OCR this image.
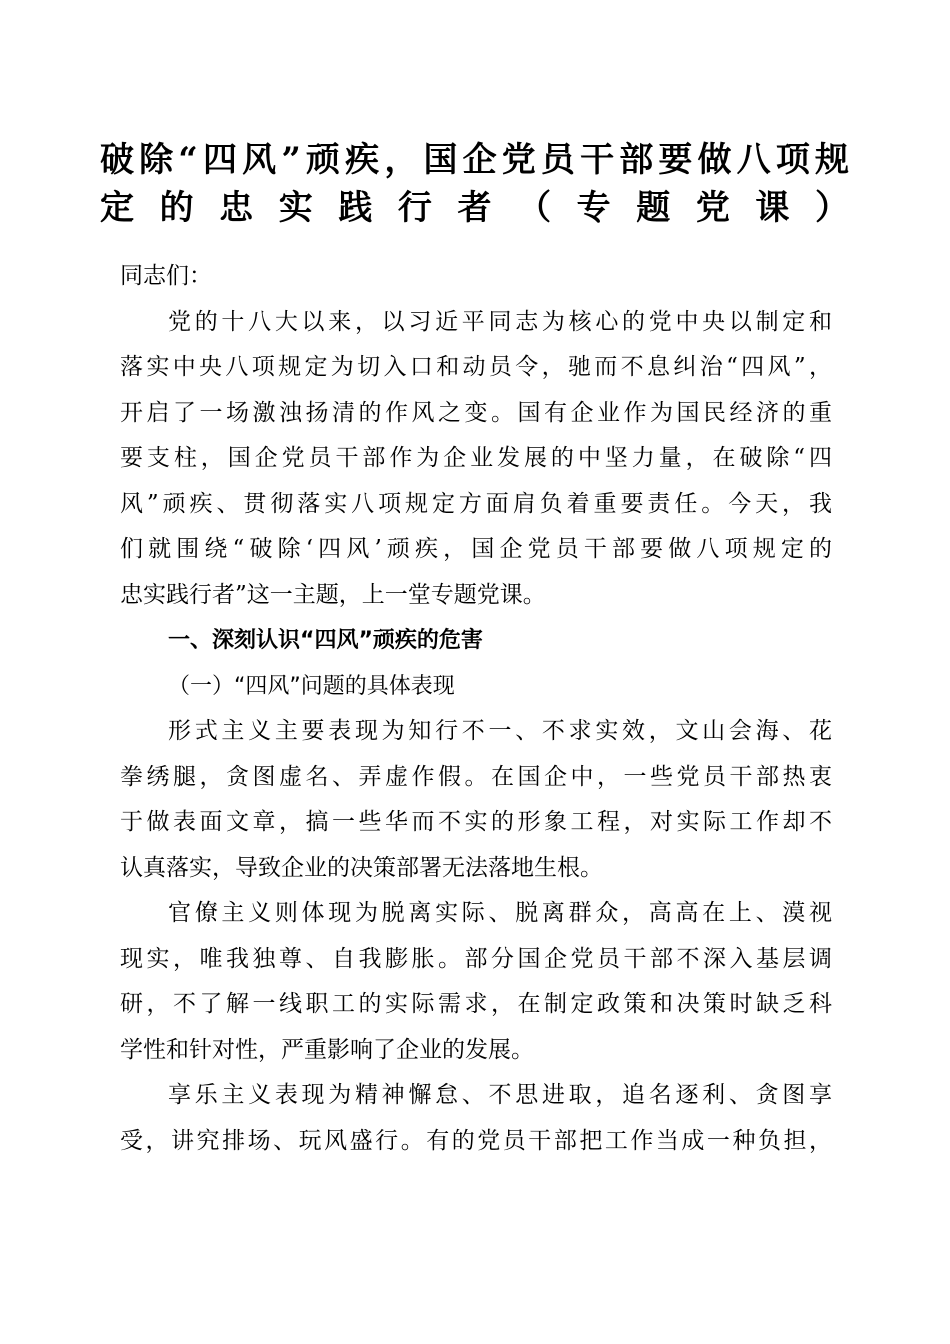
破除“四风”顽疾，国企党员干部要做八项规
定的忠实践行者（专题党课）

同志们：

党的十八大以来，以习近平同志为核心的党中央以制定和
落实中央八项规定为切入口和动员令，驰而不息纠治“四风”，
开启了一场激浊扬清的作风之变。国有企业作为国民经济的重
要支柱，国企党员干部作为企业发展的中坚力量，在破除“四
风”顽疾、贯彻落实八项规定方面肩负着重要责任。今天，我
们就围绕“破除‘四风’顽疾，国企党员干部要做八项规定的
忠实践行者”这一主题，上一堂专题党课。

一、深刻认识“四风”顽疾的危害

（一）“四风”问题的具体表现

形式主义主要表现为知行不一、不求实效，文山会海、花
拳绣腿，贪图虚名、弄虚作假。在国企中，一些党员干部热衷
于做表面文章，搞一些华而不实的形象工程，对实际工作却不
认真落实，导致企业的决策部署无法落地生根。

官僚主义则体现为脱离实际、脱离群众，高高在上、漠视
现实，唯我独尊、自我膨胀。部分国企党员干部不深入基层调
研，不了解一线职工的实际需求，在制定政策和决策时缺乏科
学性和针对性，严重影响了企业的发展。

享乐主义表现为精神懈怠、不思进取，追名逐利、贪图享
受，讲究排场、玩风盛行。有的党员干部把工作当成一种负担，
